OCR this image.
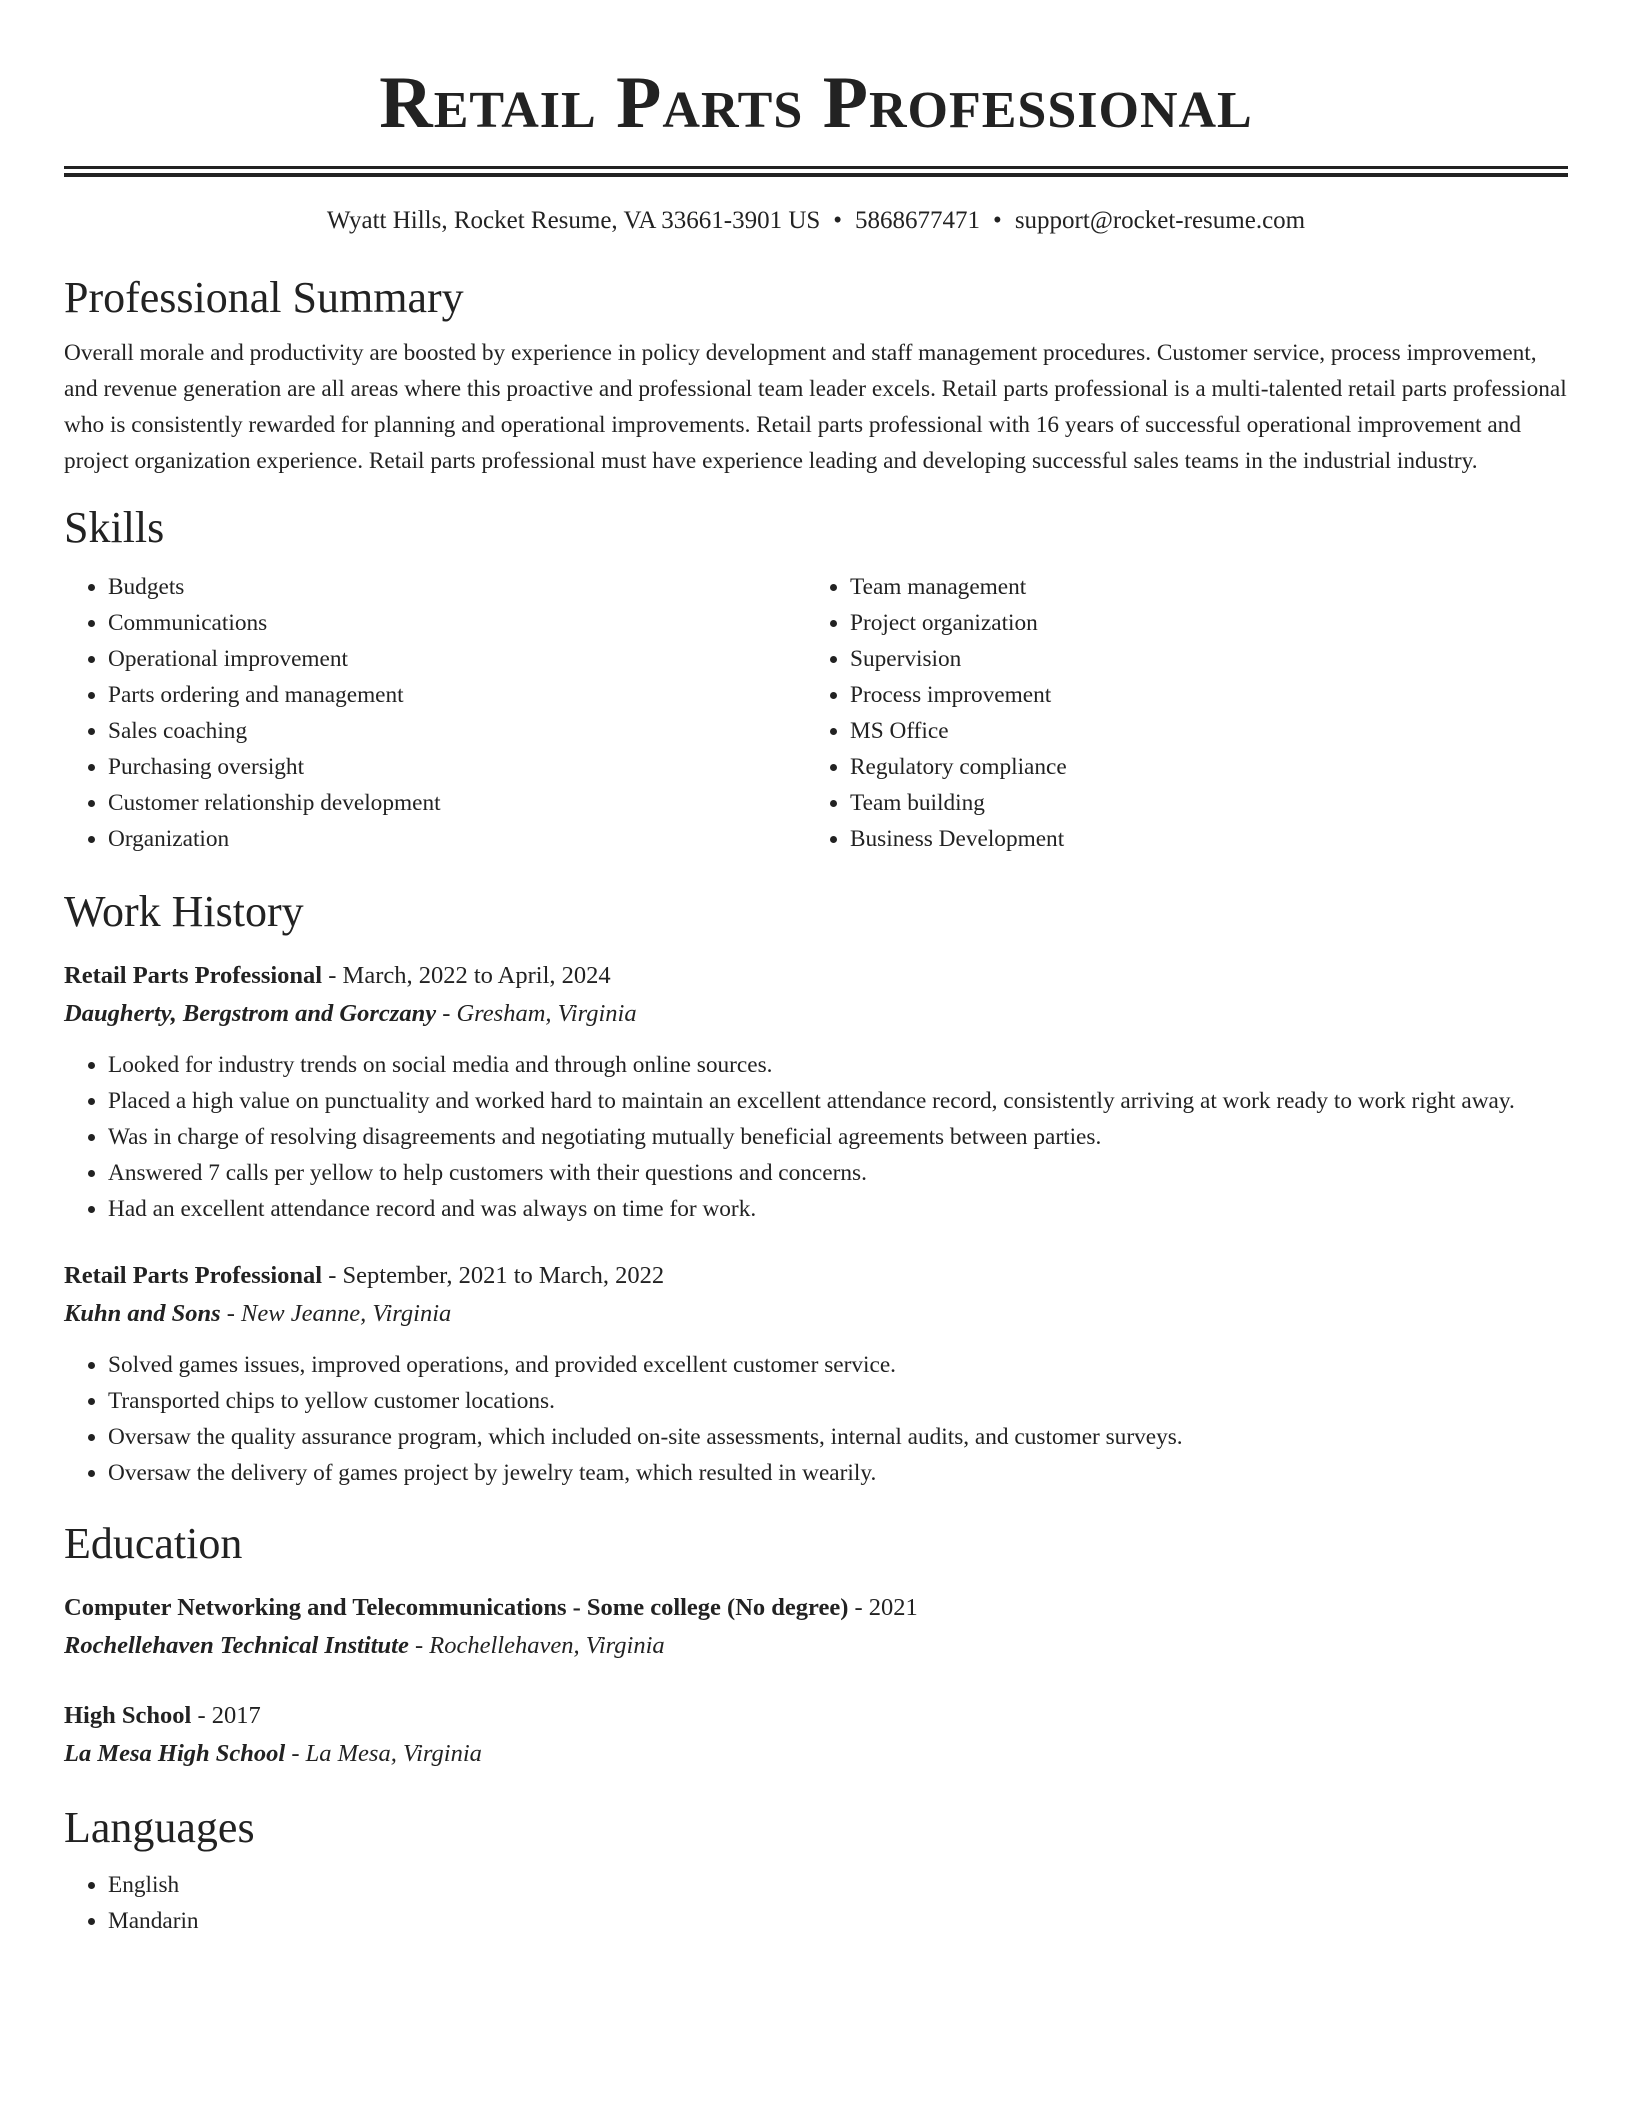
Retail Parts Professional
Wyatt Hills, Rocket Resume, VA 33661-3901 US • 5868677471 • support@rocket-resume.com
Professional Summary
Overall morale and productivity are boosted by experience in policy development and staff management procedures. Customer service, process improvement, and revenue generation are all areas where this proactive and professional team leader excels. Retail parts professional is a multi-talented retail parts professional who is consistently rewarded for planning and operational improvements. Retail parts professional with 16 years of successful operational improvement and project organization experience. Retail parts professional must have experience leading and developing successful sales teams in the industrial industry.
Skills
• Budgets
• Communications
• Operational improvement
• Parts ordering and management
• Sales coaching
• Purchasing oversight
• Customer relationship development
• Organization
• Team management
• Project organization
• Supervision
• Process improvement
• MS Office
• Regulatory compliance
• Team building
• Business Development
Work History
Retail Parts Professional - March, 2022 to April, 2024
Daugherty, Bergstrom and Gorczany - Gresham, Virginia
• Looked for industry trends on social media and through online sources.
• Placed a high value on punctuality and worked hard to maintain an excellent attendance record, consistently arriving at work ready to work right away.
• Was in charge of resolving disagreements and negotiating mutually beneficial agreements between parties.
• Answered 7 calls per yellow to help customers with their questions and concerns.
• Had an excellent attendance record and was always on time for work.
Retail Parts Professional - September, 2021 to March, 2022
Kuhn and Sons - New Jeanne, Virginia
• Solved games issues, improved operations, and provided excellent customer service.
• Transported chips to yellow customer locations.
• Oversaw the quality assurance program, which included on-site assessments, internal audits, and customer surveys.
• Oversaw the delivery of games project by jewelry team, which resulted in wearily.
Education
Computer Networking and Telecommunications - Some college (No degree) - 2021
Rochellehaven Technical Institute - Rochellehaven, Virginia
High School - 2017
La Mesa High School - La Mesa, Virginia
Languages
• English
• Mandarin
